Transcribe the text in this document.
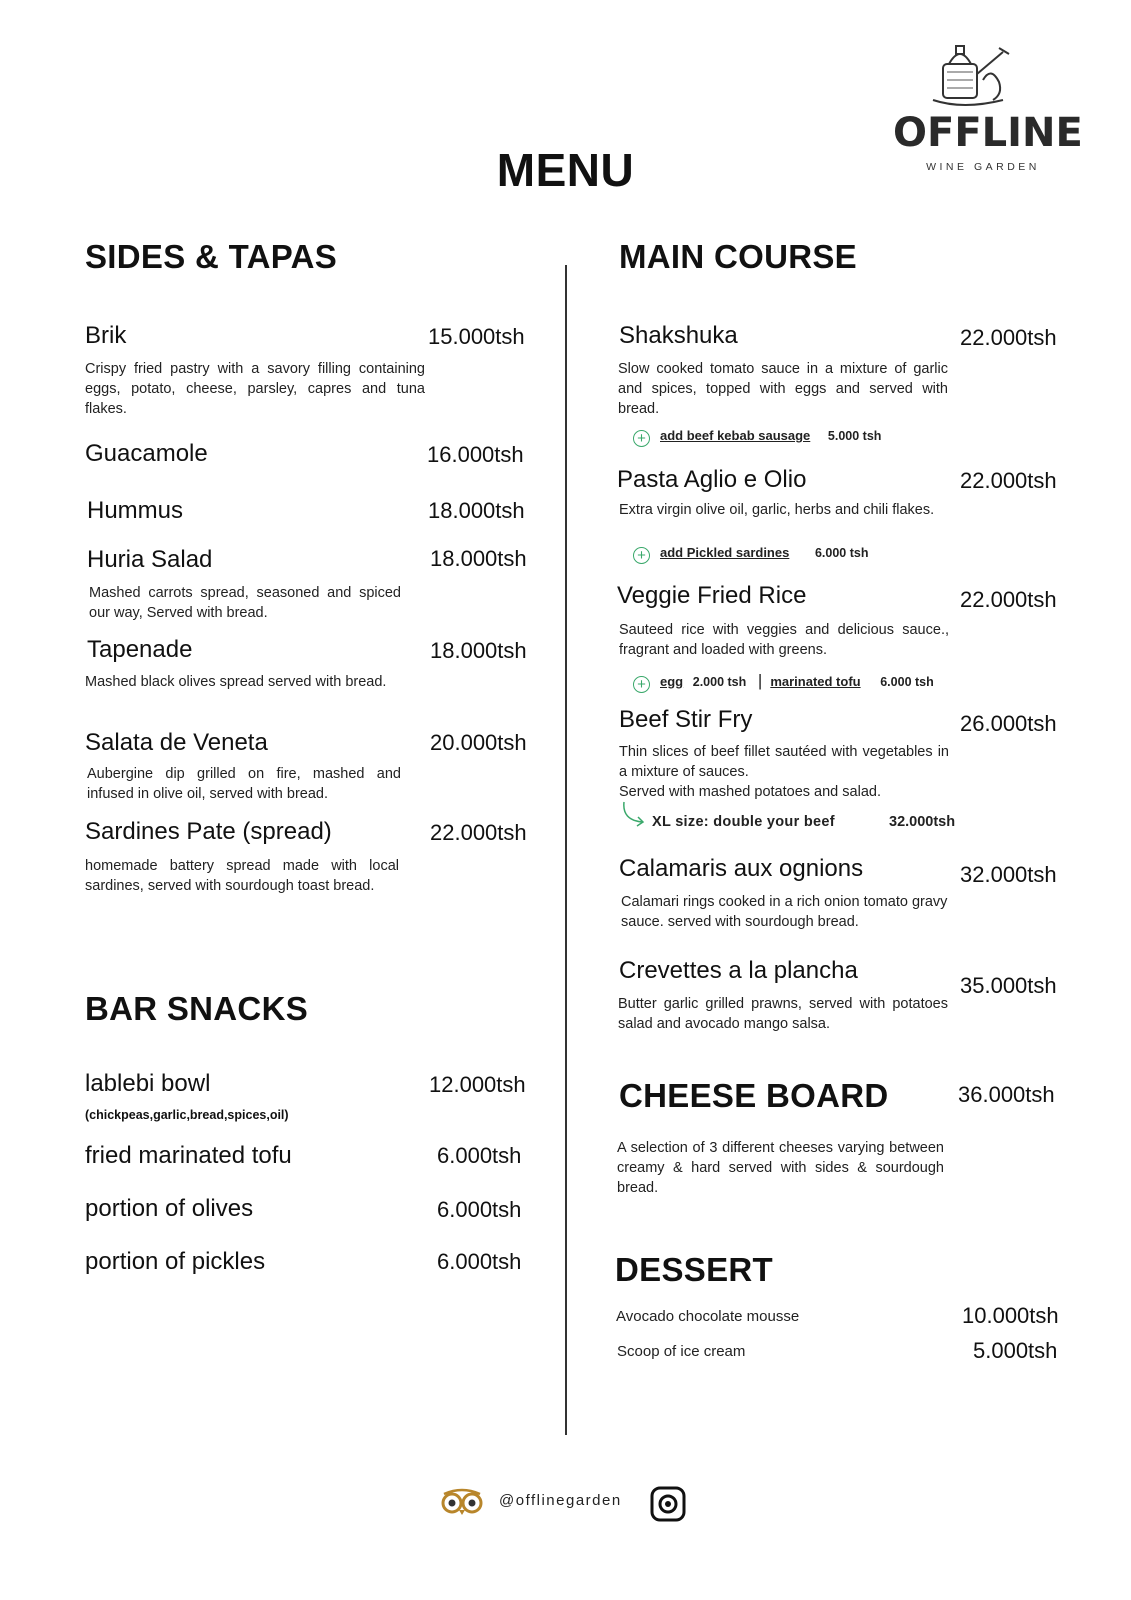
OFFLINE
WINE GARDEN
MENU
SIDES & TAPAS
Brik	15.000tsh
Crispy fried pastry with a savory filling containing eggs, potato, cheese, parsley, capres and tuna flakes.
Guacamole	16.000tsh
Hummus	18.000tsh
Huria Salad	18.000tsh
Mashed carrots spread, seasoned and spiced our way, Served with bread.
Tapenade	18.000tsh
Mashed black olives spread served with bread.
Salata de Veneta	20.000tsh
Aubergine dip grilled on fire, mashed and infused in olive oil, served with bread.
Sardines Pate (spread)	22.000tsh
homemade battery spread made with local sardines, served with sourdough toast bread.
BAR SNACKS
lablebi bowl	12.000tsh
(chickpeas,garlic,bread,spices,oil)
fried marinated tofu	6.000tsh
portion of olives	6.000tsh
portion of pickles	6.000tsh
MAIN COURSE
Shakshuka	22.000tsh
Slow cooked tomato sauce in a mixture of garlic and spices, topped with eggs and served with bread.
+ add beef kebab sausage 5.000 tsh
Pasta Aglio e Olio	22.000tsh
Extra virgin olive oil, garlic, herbs and chili flakes.
+ add Pickled sardines 6.000 tsh
Veggie Fried Rice	22.000tsh
Sauteed rice with veggies and delicious sauce., fragrant and loaded with greens.
+ egg 2.000 tsh | marinated tofu 6.000 tsh
Beef Stir Fry	26.000tsh
Thin slices of beef fillet sautéed with vegetables in a mixture of sauces.
Served with mashed potatoes and salad.
XL size: double your beef	32.000tsh
Calamaris aux ognions	32.000tsh
Calamari rings cooked in a rich onion tomato gravy sauce. served with sourdough bread.
Crevettes a la plancha
35.000tsh
Butter garlic grilled prawns, served with potatoes salad and avocado mango salsa.
CHEESE BOARD	36.000tsh
A selection of 3 different cheeses varying between creamy & hard served with sides & sourdough bread.
DESSERT
Avocado chocolate mousse	10.000tsh
Scoop of ice cream	5.000tsh
@offlinegarden
